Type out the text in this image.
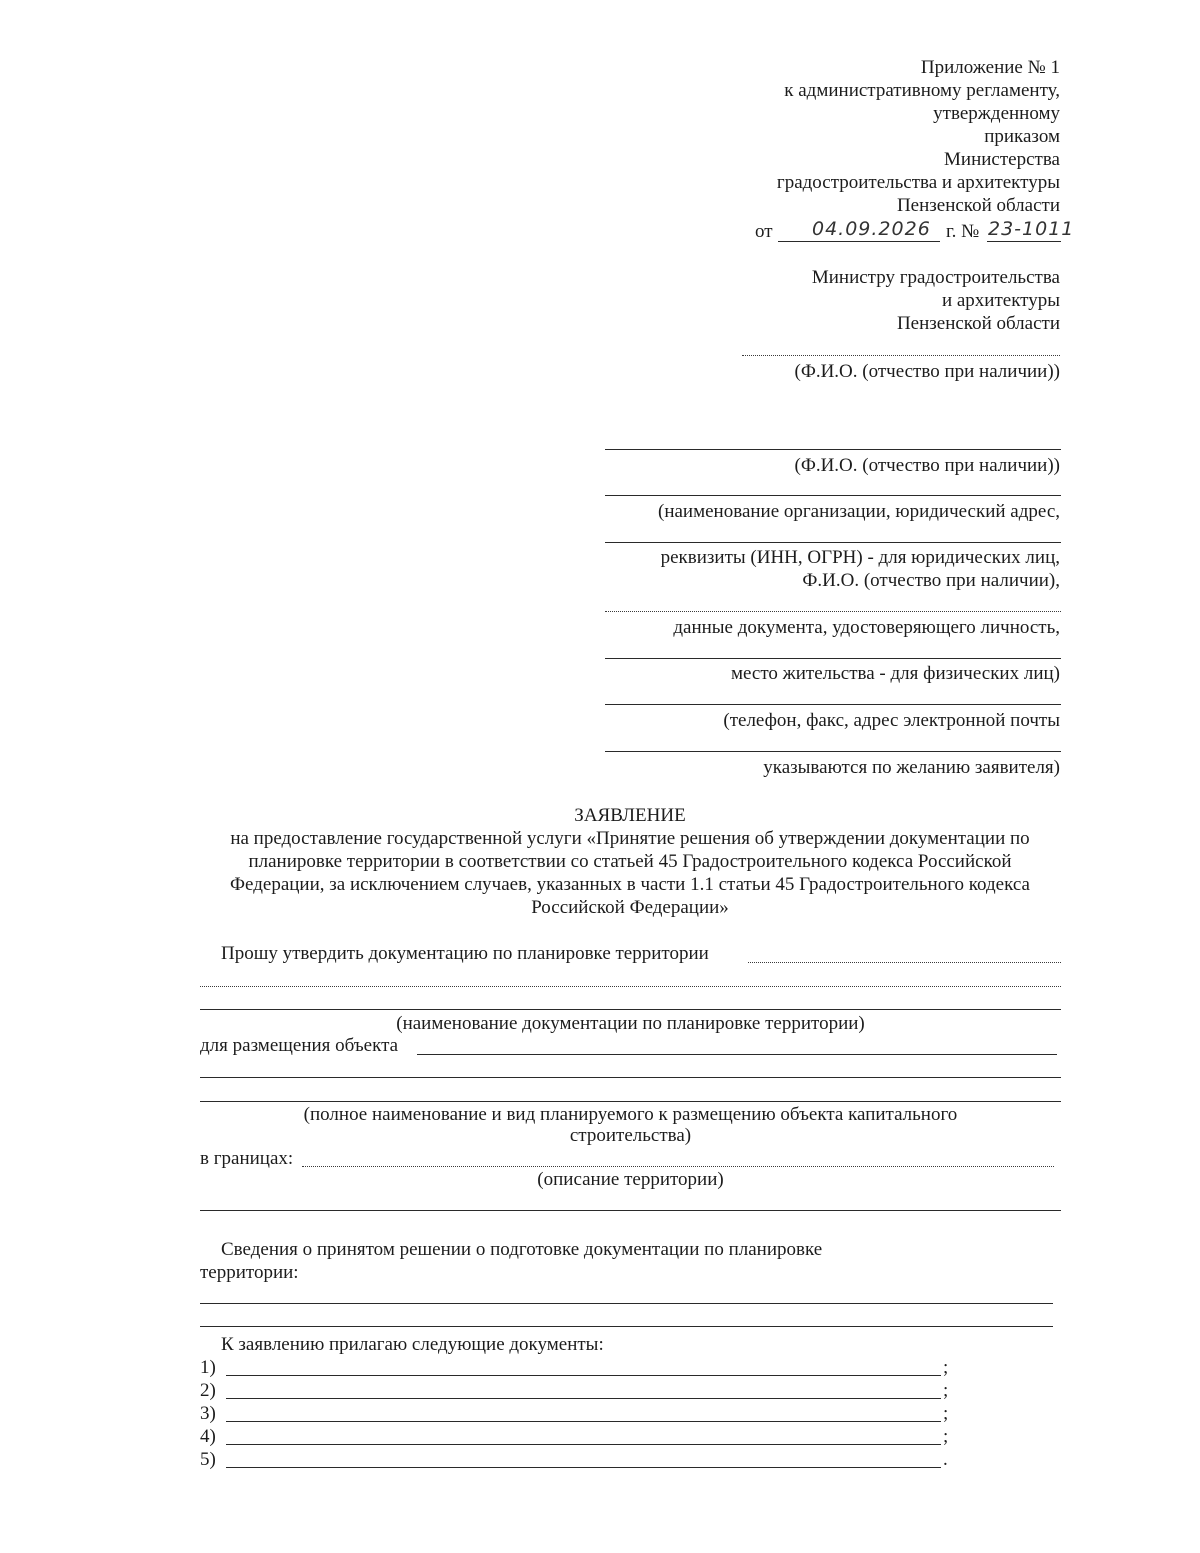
Приложение № 1
к административному регламенту,
утвержденному
приказом
Министерства
градостроительства и архитектуры
Пензенской области
от 04.09.2026 г. № 23-1011
Министру градостроительства
и архитектуры
Пензенской области
(Ф.И.О. (отчество при наличии))
(Ф.И.О. (отчество при наличии))
(наименование организации, юридический адрес,
реквизиты (ИНН, ОГРН) - для юридических лиц,
Ф.И.О. (отчество при наличии),
данные документа, удостоверяющего личность,
место жительства - для физических лиц)
(телефон, факс, адрес электронной почты
указываются по желанию заявителя)
ЗАЯВЛЕНИЕ
на предоставление государственной услуги «Принятие решения об утверждении документации по
планировке территории в соответствии со статьей 45 Градостроительного кодекса Российской
Федерации, за исключением случаев, указанных в части 1.1 статьи 45 Градостроительного кодекса
Российской Федерации»
Прошу утвердить документацию по планировке территории
(наименование документации по планировке территории)
для размещения объекта
(полное наименование и вид планируемого к размещению объекта капитального
строительства)
в границах:
(описание территории)
Сведения о принятом решении о подготовке документации по планировке
территории:
К заявлению прилагаю следующие документы:
1)	;
2)	;
3)	;
4)	;
5)	.
